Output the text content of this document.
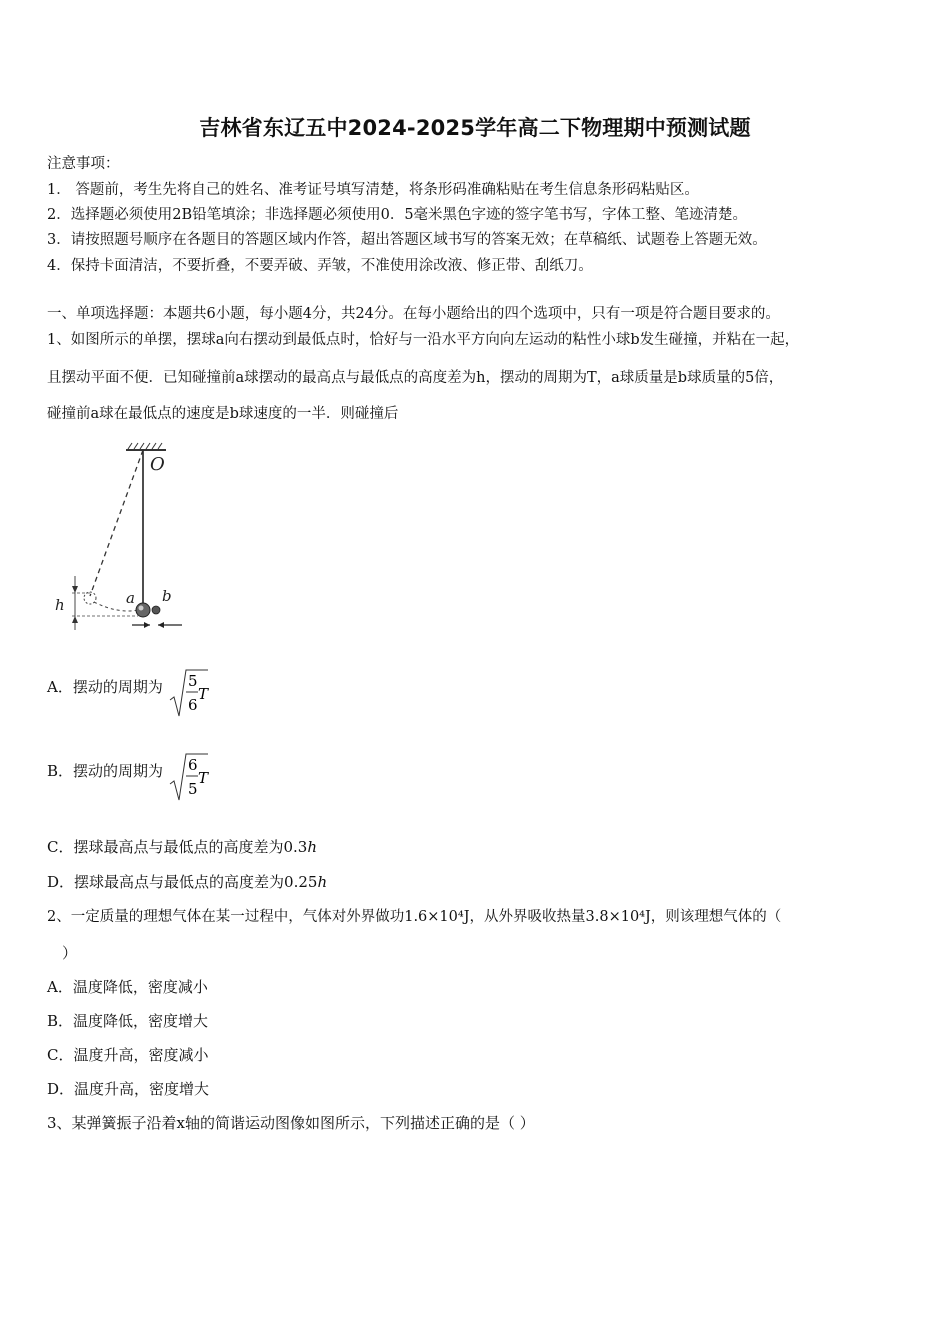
吉林省东辽五中2024-2025学年高二下物理期中预测试题
注意事项：
1． 答题前，考生先将自己的姓名、准考证号填写清楚，将条形码准确粘贴在考生信息条形码粘贴区。
2．选择题必须使用2B铅笔填涂；非选择题必须使用0．5毫米黑色字迹的签字笔书写，字体工整、笔迹清楚。
3．请按照题号顺序在各题目的答题区域内作答，超出答题区域书写的答案无效；在草稿纸、试题卷上答题无效。
4．保持卡面清洁，不要折叠，不要弄破、弄皱，不准使用涂改液、修正带、刮纸刀。
一、单项选择题：本题共6小题，每小题4分，共24分。在每小题给出的四个选项中，只有一项是符合题目要求的。
1、如图所示的单摆，摆球a向右摆动到最低点时，恰好与一沿水平方向向左运动的粘性小球b发生碰撞，并粘在一起，
且摆动平面不便．已知碰撞前a球摆动的最高点与最低点的高度差为h，摆动的周期为T，a球质量是b球质量的5倍，
碰撞前a球在最低点的速度是b球速度的一半．则碰撞后
h
O
a b
A．摆动的周期为 5
6
T
B．摆动的周期为 6
5
T
C．摆球最高点与最低点的高度差为0.3h
D．摆球最高点与最低点的高度差为0.25h
2、一定质量的理想气体在某一过程中，气体对外界做功1.6×10⁴J，从外界吸收热量3.8×10⁴J，则该理想气体的（
）
A．温度降低，密度减小
B．温度降低，密度增大
C．温度升高，密度减小
D．温度升高，密度增大
3、某弹簧振子沿着x轴的简谐运动图像如图所示，下列描述正确的是（ ）
